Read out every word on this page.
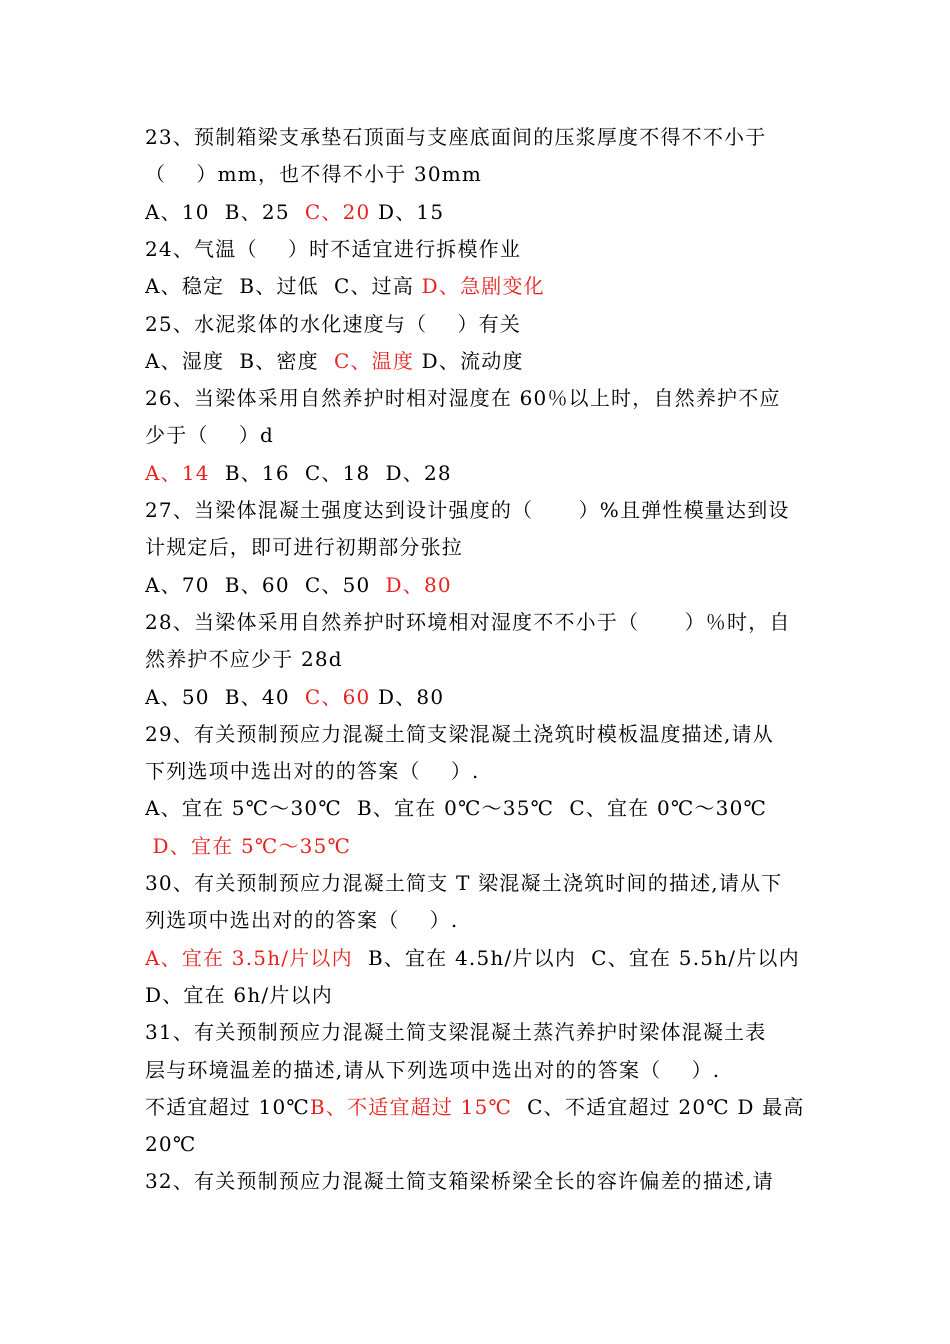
23、预制箱梁支承垫石顶面与支座底面间的压浆厚度不得不不小于
（    ）mm，也不得不小于 30mm
A、10  B、25  C、20 D、15
24、气温（    ）时不适宜进行拆模作业
A、稳定  B、过低  C、过高 D、急剧变化
25、水泥浆体的水化速度与（    ）有关
A、湿度  B、密度  C、温度 D、流动度
26、当梁体采用自然养护时相对湿度在 60％以上时，自然养护不应
少于（    ）d
A、14  B、16  C、18  D、28
27、当梁体混凝土强度达到设计强度的（      ）%且弹性模量达到设
计规定后，即可进行初期部分张拉
A、70  B、60  C、50  D、80
28、当梁体采用自然养护时环境相对湿度不不小于（      ）％时，自
然养护不应少于 28d
A、50  B、40  C、60 D、80
29、有关预制预应力混凝土简支梁混凝土浇筑时模板温度描述,请从
下列选项中选出对的的答案（    ）.
A、宜在 5℃～30℃  B、宜在 0℃～35℃  C、宜在 0℃～30℃
D、宜在 5℃～35℃
30、有关预制预应力混凝土简支 T 梁混凝土浇筑时间的描述,请从下
列选项中选出对的的答案（    ）.
A、宜在 3.5h/片以内  B、宜在 4.5h/片以内  C、宜在 5.5h/片以内
D、宜在 6h/片以内
31、有关预制预应力混凝土简支梁混凝土蒸汽养护时梁体混凝土表
层与环境温差的描述,请从下列选项中选出对的的答案（    ）.
不适宜超过 10℃B、不适宜超过 15℃  C、不适宜超过 20℃ D 最高
20℃
32、有关预制预应力混凝土简支箱梁桥梁全长的容许偏差的描述,请
